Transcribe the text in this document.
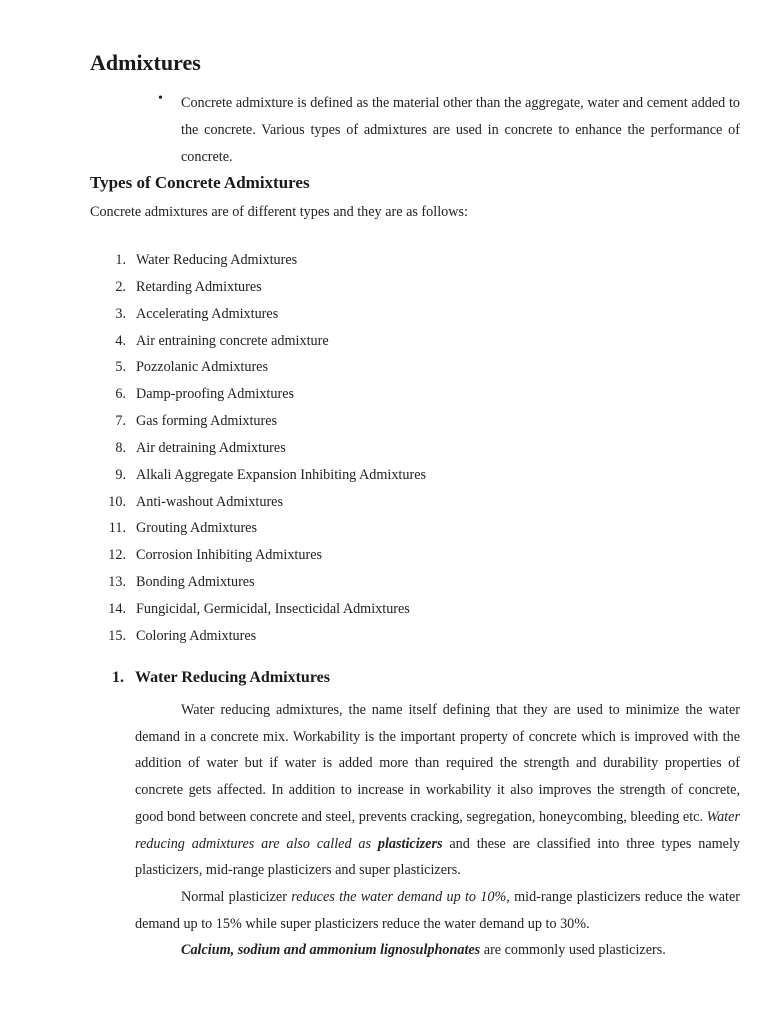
Admixtures
• Concrete admixture is defined as the material other than the aggregate, water and cement added to the concrete. Various types of admixtures are used in concrete to enhance the performance of concrete.

Types of Concrete Admixtures

Concrete admixtures are of different types and they are as follows:

1. Water Reducing Admixtures
2. Retarding Admixtures
3. Accelerating Admixtures
4. Air entraining concrete admixture
5. Pozzolanic Admixtures
6. Damp-proofing Admixtures
7. Gas forming Admixtures
8. Air detraining Admixtures
9. Alkali Aggregate Expansion Inhibiting Admixtures
10. Anti-washout Admixtures
11. Grouting Admixtures
12. Corrosion Inhibiting Admixtures
13. Bonding Admixtures
14. Fungicidal, Germicidal, Insecticidal Admixtures
15. Coloring Admixtures
1. Water Reducing Admixtures

Water reducing admixtures, the name itself defining that they are used to minimize the water demand in a concrete mix. Workability is the important property of concrete which is improved with the addition of water but if water is added more than required the strength and durability properties of concrete gets affected. In addition to increase in workability it also improves the strength of concrete, good bond between concrete and steel, prevents cracking, segregation, honeycombing, bleeding etc. Water reducing admixtures are also called as plasticizers and these are classified into three types namely plasticizers, mid-range plasticizers and super plasticizers.

Normal plasticizer reduces the water demand up to 10%, mid-range plasticizers reduce the water demand up to 15% while super plasticizers reduce the water demand up to 30%.

Calcium, sodium and ammonium lignosulphonates are commonly used plasticizers.
